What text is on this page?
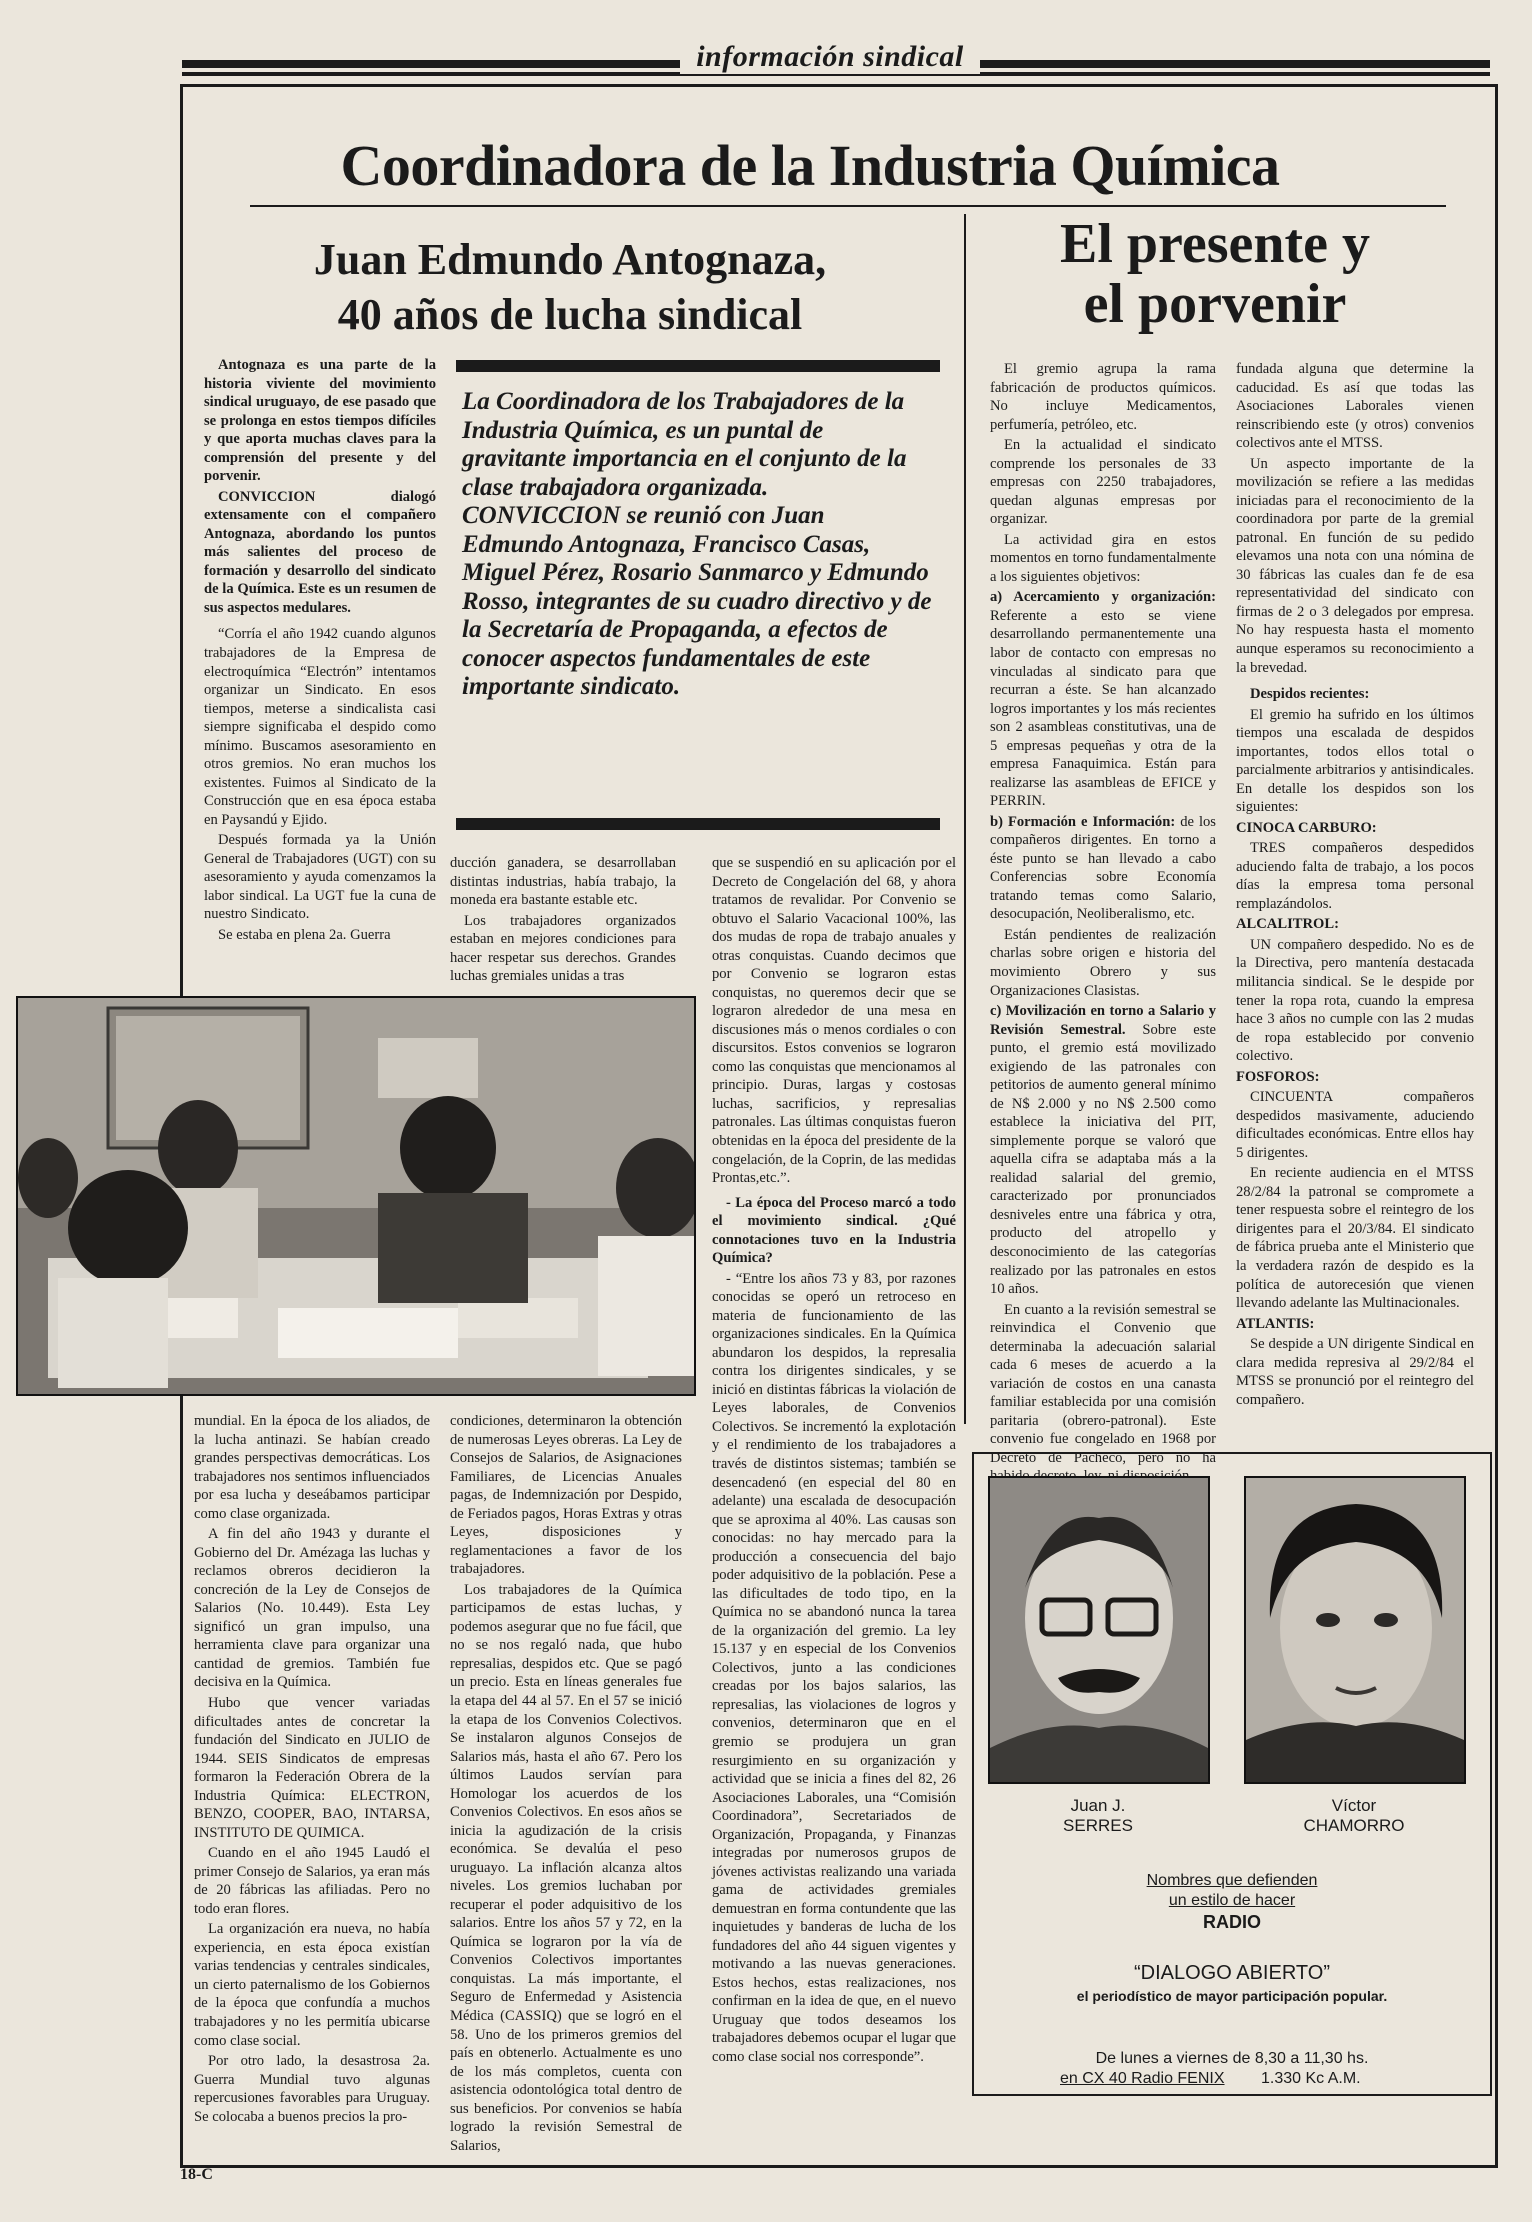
información sindical
Coordinadora de la Industria Química
Juan Edmundo Antognaza,
40 años de lucha sindical
El presente y
el porvenir
La Coordinadora de los Trabajadores de la Industria Química, es un puntal de gravitante importancia en el conjunto de la clase trabajadora organizada. CONVICCION se reunió con Juan Edmundo Antognaza, Francisco Casas, Miguel Pérez, Rosario Sanmarco y Edmundo Rosso, integrantes de su cuadro directivo y de la Secretaría de Propaganda, a efectos de conocer aspectos fundamentales de este importante sindicato.

Antognaza es una parte de la historia viviente del movimiento sindical uruguayo, de ese pasado que se prolonga en estos tiempos difíciles y que aporta muchas claves para la comprensión del presente y del porvenir.

CONVICCION dialogó extensamente con el compañero Antognaza, abordando los puntos más salientes del proceso de formación y desarrollo del sindicato de la Química. Este es un resumen de sus aspectos medulares.

“Corría el año 1942 cuando algunos trabajadores de la Empresa de electroquímica “Electrón” intentamos organizar un Sindicato. En esos tiempos, meterse a sindicalista casi siempre significaba el despido como mínimo. Buscamos asesoramiento en otros gremios. No eran muchos los existentes. Fuimos al Sindicato de la Construcción que en esa época estaba en Paysandú y Ejido.

Después formada ya la Unión General de Trabajadores (UGT) con su asesoramiento y ayuda comenzamos la labor sindical. La UGT fue la cuna de nuestro Sindicato.

Se estaba en plena 2a. Guerra

ducción ganadera, se desarrollaban distintas industrias, había trabajo, la moneda era bastante estable etc.

Los trabajadores organizados estaban en mejores condiciones para hacer respetar sus derechos. Grandes luchas gremiales unidas a tras

mundial. En la época de los aliados, de la lucha antinazi. Se habían creado grandes perspectivas democráticas. Los trabajadores nos sentimos influenciados por esa lucha y deseábamos participar como clase organizada.

A fin del año 1943 y durante el Gobierno del Dr. Amézaga las luchas y reclamos obreros decidieron la concreción de la Ley de Consejos de Salarios (No. 10.449). Esta Ley significó un gran impulso, una herramienta clave para organizar una cantidad de gremios. También fue decisiva en la Química.

Hubo que vencer variadas dificultades antes de concretar la fundación del Sindicato en JULIO de 1944. SEIS Sindicatos de empresas formaron la Federación Obrera de la Industria Química: ELECTRON, BENZO, COOPER, BAO, INTARSA, INSTITUTO DE QUIMICA.

Cuando en el año 1945 Laudó el primer Consejo de Salarios, ya eran más de 20 fábricas las afiliadas. Pero no todo eran flores.

La organización era nueva, no había experiencia, en esta época existían varias tendencias y centrales sindicales, un cierto paternalismo de los Gobiernos de la época que confundía a muchos trabajadores y no les permitía ubicarse como clase social.

Por otro lado, la desastrosa 2a. Guerra Mundial tuvo algunas repercusiones favorables para Uruguay. Se colocaba a buenos precios la pro-

condiciones, determinaron la obtención de numerosas Leyes obreras. La Ley de Consejos de Salarios, de Asignaciones Familiares, de Licencias Anuales pagas, de Indemnización por Despido, de Feriados pagos, Horas Extras y otras Leyes, disposiciones y reglamentaciones a favor de los trabajadores.

Los trabajadores de la Química participamos de estas luchas, y podemos asegurar que no fue fácil, que no se nos regaló nada, que hubo represalias, despidos etc. Que se pagó un precio. Esta en líneas generales fue la etapa del 44 al 57. En el 57 se inició la etapa de los Convenios Colectivos. Se instalaron algunos Consejos de Salarios más, hasta el año 67. Pero los últimos Laudos servían para Homologar los acuerdos de los Convenios Colectivos. En esos años se inicia la agudización de la crisis económica. Se devalúa el peso uruguayo. La inflación alcanza altos niveles. Los gremios luchaban por recuperar el poder adquisitivo de los salarios. Entre los años 57 y 72, en la Química se lograron por la vía de Convenios Colectivos importantes conquistas. La más importante, el Seguro de Enfermedad y Asistencia Médica (CASSIQ) que se logró en el 58. Uno de los primeros gremios del país en obtenerlo. Actualmente es uno de los más completos, cuenta con asistencia odontológica total dentro de sus beneficios. Por convenios se había logrado la revisión Semestral de Salarios,

que se suspendió en su aplicación por el Decreto de Congelación del 68, y ahora tratamos de revalidar. Por Convenio se obtuvo el Salario Vacacional 100%, las dos mudas de ropa de trabajo anuales y otras conquistas. Cuando decimos que por Convenio se lograron estas conquistas, no queremos decir que se lograron alrededor de una mesa en discusiones más o menos cordiales o con discursitos. Estos convenios se lograron como las conquistas que mencionamos al principio. Duras, largas y costosas luchas, sacrificios, y represalias patronales. Las últimas conquistas fueron obtenidas en la época del presidente de la congelación, de la Coprin, de las medidas Prontas,etc.”.

- La época del Proceso marcó a todo el movimiento sindical. ¿Qué connotaciones tuvo en la Industria Química?

- “Entre los años 73 y 83, por razones conocidas se operó un retroceso en materia de funcionamiento de las organizaciones sindicales. En la Química abundaron los despidos, la represalia contra los dirigentes sindicales, y se inició en distintas fábricas la violación de Leyes laborales, de Convenios Colectivos. Se incrementó la explotación y el rendimiento de los trabajadores a través de distintos sistemas; también se desencadenó (en especial del 80 en adelante) una escalada de desocupación que se aproxima al 40%. Las causas son conocidas: no hay mercado para la producción a consecuencia del bajo poder adquisitivo de la población. Pese a las dificultades de todo tipo, en la Química no se abandonó nunca la tarea de la organización del gremio. La ley 15.137 y en especial de los Convenios Colectivos, junto a las condiciones creadas por los bajos salarios, las represalias, las violaciones de logros y convenios, determinaron que en el gremio se produjera un gran resurgimiento en su organización y actividad que se inicia a fines del 82, 26 Asociaciones Laborales, una “Comisión Coordinadora”, Secretariados de Organización, Propaganda, y Finanzas integradas por numerosos grupos de jóvenes activistas realizando una variada gama de actividades gremiales demuestran en forma contundente que las inquietudes y banderas de lucha de los fundadores del año 44 siguen vigentes y motivando a las nuevas generaciones. Estos hechos, estas realizaciones, nos confirman en la idea de que, en el nuevo Uruguay que todos deseamos los trabajadores debemos ocupar el lugar que como clase social nos corresponde”.

El gremio agrupa la rama fabricación de productos químicos. No incluye Medicamentos, perfumería, petróleo, etc.

En la actualidad el sindicato comprende los personales de 33 empresas con 2250 trabajadores, quedan algunas empresas por organizar.

La actividad gira en estos momentos en torno fundamentalmente a los siguientes objetivos:

a) Acercamiento y organización: Referente a esto se viene desarrollando permanentemente una labor de contacto con empresas no vinculadas al sindicato para que recurran a éste. Se han alcanzado logros importantes y los más recientes son 2 asambleas constitutivas, una de 5 empresas pequeñas y otra de la empresa Fanaquimica. Están para realizarse las asambleas de EFICE y PERRIN.

b) Formación e Información: de los compañeros dirigentes. En torno a éste punto se han llevado a cabo Conferencias sobre Economía tratando temas como Salario, desocupación, Neoliberalismo, etc.

Están pendientes de realización charlas sobre origen e historia del movimiento Obrero y sus Organizaciones Clasistas.

c) Movilización en torno a Salario y Revisión Semestral. Sobre este punto, el gremio está movilizado exigiendo de las patronales con petitorios de aumento general mínimo de N$ 2.000 y no N$ 2.500 como establece la iniciativa del PIT, simplemente porque se valoró que aquella cifra se adaptaba más a la realidad salarial del gremio, caracterizado por pronunciados desniveles entre una fábrica y otra, producto del atropello y desconocimiento de las categorías realizado por las patronales en estos 10 años.

En cuanto a la revisión semestral se reinvindica el Convenio que determinaba la adecuación salarial cada 6 meses de acuerdo a la variación de costos en una canasta familiar establecida por una comisión paritaria (obrero-patronal). Este convenio fue congelado en 1968 por Decreto de Pacheco, pero no ha

fundada alguna que determine la caducidad. Es así que todas las Asociaciones Laborales vienen reinscribiendo este (y otros) convenios colectivos ante el MTSS.

Un aspecto importante de la movilización se refiere a las medidas iniciadas para el reconocimiento de la coordinadora por parte de la gremial patronal. En función de su pedido elevamos una nota con una nómina de 30 fábricas las cuales dan fe de esa representatividad del sindicato con firmas de 2 o 3 delegados por empresa. No hay respuesta hasta el momento aunque esperamos su reconocimiento a la brevedad.

Despidos recientes:

El gremio ha sufrido en los últimos tiempos una escalada de despidos importantes, todos ellos total o parcialmente arbitrarios y antisindicales. En detalle los despidos son los siguientes:

CINOCA CARBURO:

TRES compañeros despedidos aduciendo falta de trabajo, a los pocos días la empresa toma personal remplazándolos.

ALCALITROL:

UN compañero despedido. No es de la Directiva, pero mantenía destacada militancia sindical. Se le despide por tener la ropa rota, cuando la empresa hace 3 años no cumple con las 2 mudas de ropa establecido por convenio colectivo.

FOSFOROS:

CINCUENTA compañeros despedidos masivamente, aduciendo dificultades económicas. Entre ellos hay 5 dirigentes.

En reciente audiencia en el MTSS 28/2/84 la patronal se compromete a tener respuesta sobre el reintegro de los dirigentes para el 20/3/84. El sindicato de fábrica prueba ante el Ministerio que la verdadera razón de despido es la política de autorecesión que vienen llevando adelante las Multinacionales.

ATLANTIS:

Se despide a UN dirigente Sindical en clara medida represiva al 29/2/84 el MTSS se pronunció por el reintegro del compañero.

Juan J.
SERRES
Víctor
CHAMORRO
Nombres que defienden
un estilo de hacer
RADIO
“DIALOGO ABIERTO”
el periodístico de mayor participación popular.
De lunes a viernes de 8,30 a 11,30 hs.
en CX 40 Radio FENIX 1.330 Kc A.M.
18-C
